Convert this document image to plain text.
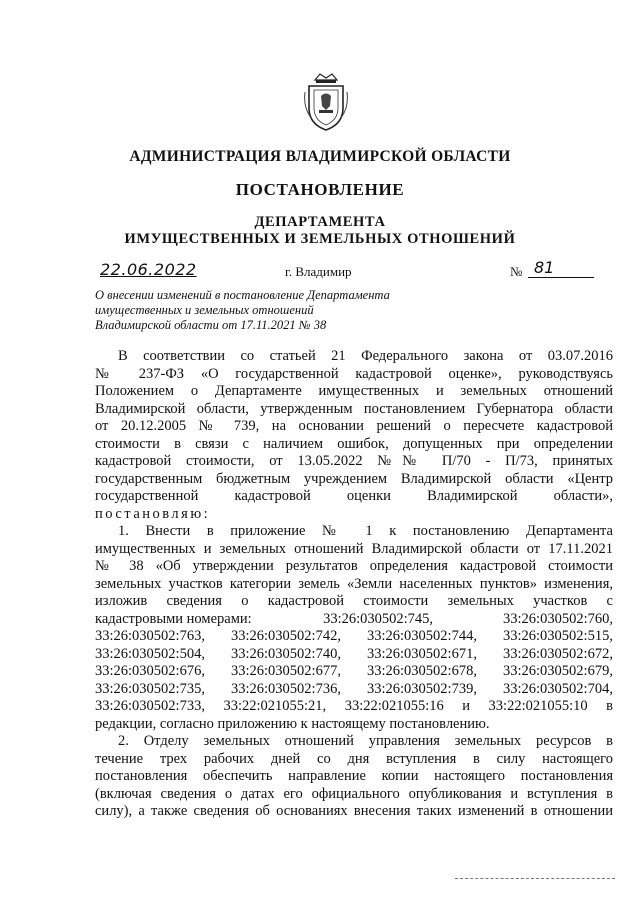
АДМИНИСТРАЦИЯ ВЛАДИМИРСКОЙ ОБЛАСТИ
ПОСТАНОВЛЕНИЕ
ДЕПАРТАМЕНТА
ИМУЩЕСТВЕННЫХ И ЗЕМЕЛЬНЫХ ОТНОШЕНИЙ
22.06.2022	г. Владимир	№ 81
О внесении изменений в постановление Департамента
имущественных и земельных отношений
Владимирской области от 17.11.2021 № 38
В соответствии со статьей 21 Федерального закона от 03.07.2016
№ 237-ФЗ «О государственной кадастровой оценке», руководствуясь
Положением о Департаменте имущественных и земельных отношений
Владимирской области, утвержденным постановлением Губернатора области
от 20.12.2005 № 739, на основании решений о пересчете кадастровой
стоимости в связи с наличием ошибок, допущенных при определении
кадастровой стоимости, от 13.05.2022 №№ П/70 - П/73, принятых
государственным бюджетным учреждением Владимирской области «Центр
государственной кадастровой оценки Владимирской области»,
постановляю:
1. Внести в приложение № 1 к постановлению Департамента
имущественных и земельных отношений Владимирской области от 17.11.2021
№ 38 «Об утверждении результатов определения кадастровой стоимости
земельных участков категории земель «Земли населенных пунктов» изменения,
изложив сведения о кадастровой стоимости земельных участков с
кадастровыми номерами:	33:26:030502:745,	33:26:030502:760,
33:26:030502:763, 33:26:030502:742, 33:26:030502:744, 33:26:030502:515,
33:26:030502:504, 33:26:030502:740, 33:26:030502:671, 33:26:030502:672,
33:26:030502:676, 33:26:030502:677, 33:26:030502:678, 33:26:030502:679,
33:26:030502:735, 33:26:030502:736, 33:26:030502:739, 33:26:030502:704,
33:26:030502:733, 33:22:021055:21, 33:22:021055:16 и 33:22:021055:10 в
редакции, согласно приложению к настоящему постановлению.
2. Отделу земельных отношений управления земельных ресурсов в
течение трех рабочих дней со дня вступления в силу настоящего
постановления обеспечить направление копии настоящего постановления
(включая сведения о датах его официального опубликования и вступления в
силу), а также сведения об основаниях внесения таких изменений в отношении
